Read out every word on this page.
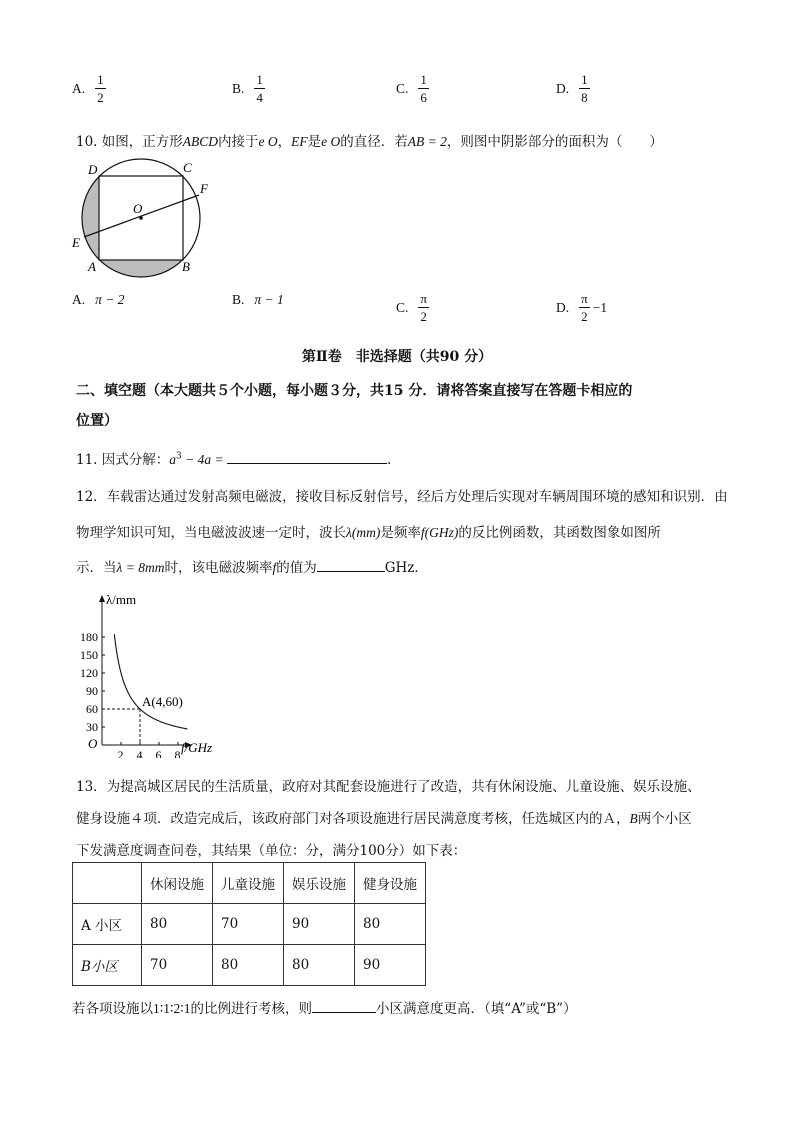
A. $\frac{1}{2}$	B. $\frac{1}{4}$	C. $\frac{1}{6}$	D. $\frac{1}{8}$
10. 如图，正方形ABCD内接于e O，EF是e O的直径．若AB = 2，则图中阴影部分的面积为（　　）
D	C
F
O
E
A	B
A. π − 2	B. π − 1	C. $\frac{\pi}{2}$	D. $\frac{\pi}{2} -1$
第Ⅱ卷　非选择题（共90 分）
二、填空题（本大题共５个小题，每小题３分，共15 分．请将答案直接写在答题卡相应的
位置）
11. 因式分解：$a^3 - 4a$ =	.
12．车载雷达通过发射高频电磁波，接收目标反射信号，经后方处理后实现对车辆周围环境的感知和识别．由
物理学知识可知，当电磁波波速一定时，波长λ(mm)是频率f(GHz)的反比例函数，其函数图象如图所
示．当λ = 8mm时，该电磁波频率f的值为	GHz．
λ/mm
f/GHz
O
2 4 6 8
30
60
90
120
150
180
A(4,60)
13．为提高城区居民的生活质量，政府对其配套设施进行了改造，共有休闲设施、儿童设施、娱乐设施、
健身设施４项．改造完成后，该政府部门对各项设施进行居民满意度考核，任选城区内的Ａ，B两个小区
下发满意度调查问卷，其结果（单位：分，满分100分）如下表：
	休闲设施	儿童设施	娱乐设施	健身设施
A 小区	80	70	90	80
B小区	70	80	80	90
若各项设施以1∶1∶2∶1的比例进行考核，则	小区满意度更高．（填“A”或“B”）
